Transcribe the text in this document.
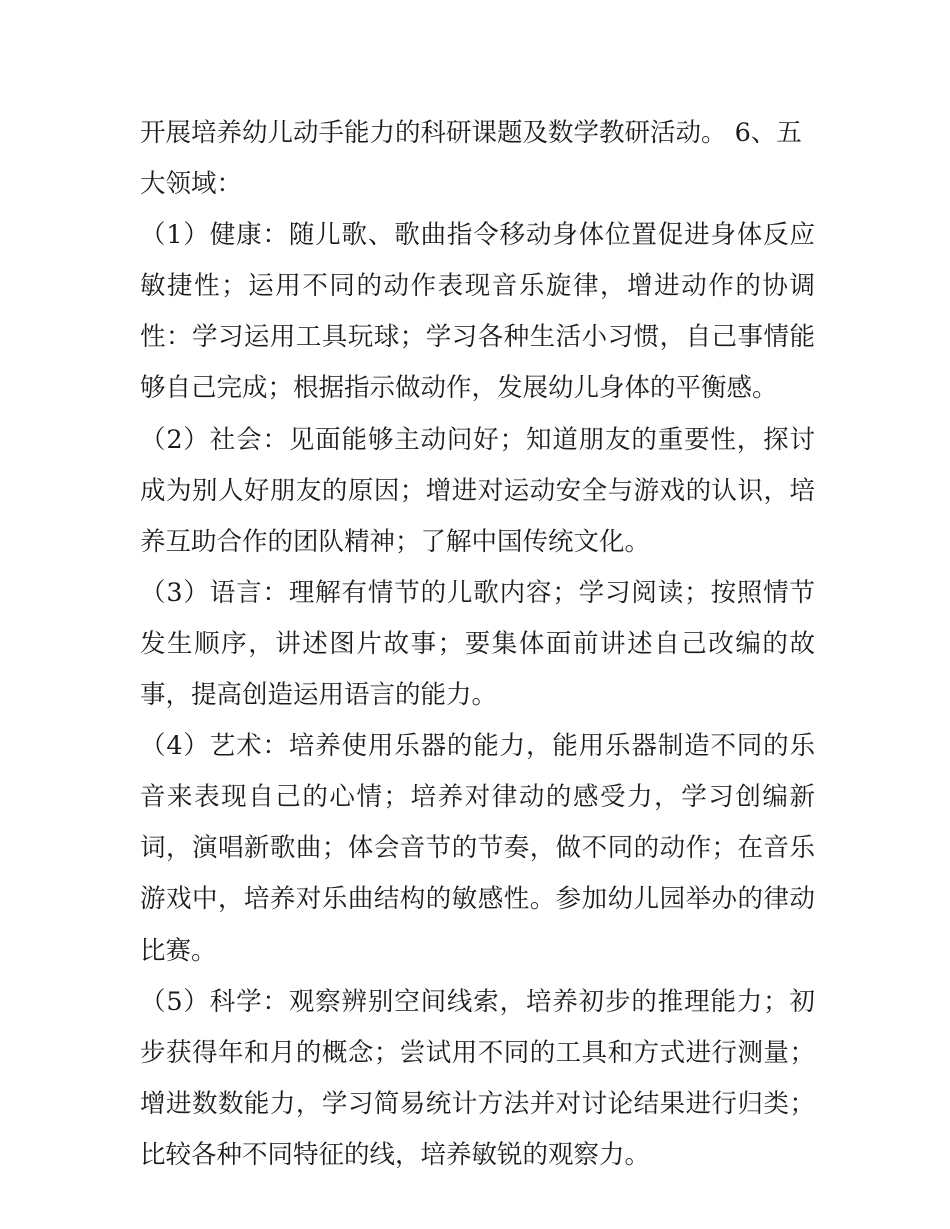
开展培养幼儿动手能力的科研课题及数学教研活动。 6、五大领域：

（1）健康：随儿歌、歌曲指令移动身体位置促进身体反应敏捷性；运用不同的动作表现音乐旋律，增进动作的协调性：学习运用工具玩球；学习各种生活小习惯，自己事情能够自己完成；根据指示做动作，发展幼儿身体的平衡感。

（2）社会：见面能够主动问好；知道朋友的重要性，探讨成为别人好朋友的原因；增进对运动安全与游戏的认识，培养互助合作的团队精神；了解中国传统文化。

（3）语言：理解有情节的儿歌内容；学习阅读；按照情节发生顺序，讲述图片故事；要集体面前讲述自己改编的故事，提高创造运用语言的能力。

（4）艺术：培养使用乐器的能力，能用乐器制造不同的乐音来表现自己的心情；培养对律动的感受力，学习创编新词，演唱新歌曲；体会音节的节奏，做不同的动作；在音乐游戏中，培养对乐曲结构的敏感性。参加幼儿园举办的律动比赛。

（5）科学：观察辨别空间线索，培养初步的推理能力；初步获得年和月的概念；尝试用不同的工具和方式进行测量；增进数数能力，学习简易统计方法并对讨论结果进行归类；比较各种不同特征的线，培养敏锐的观察力。
